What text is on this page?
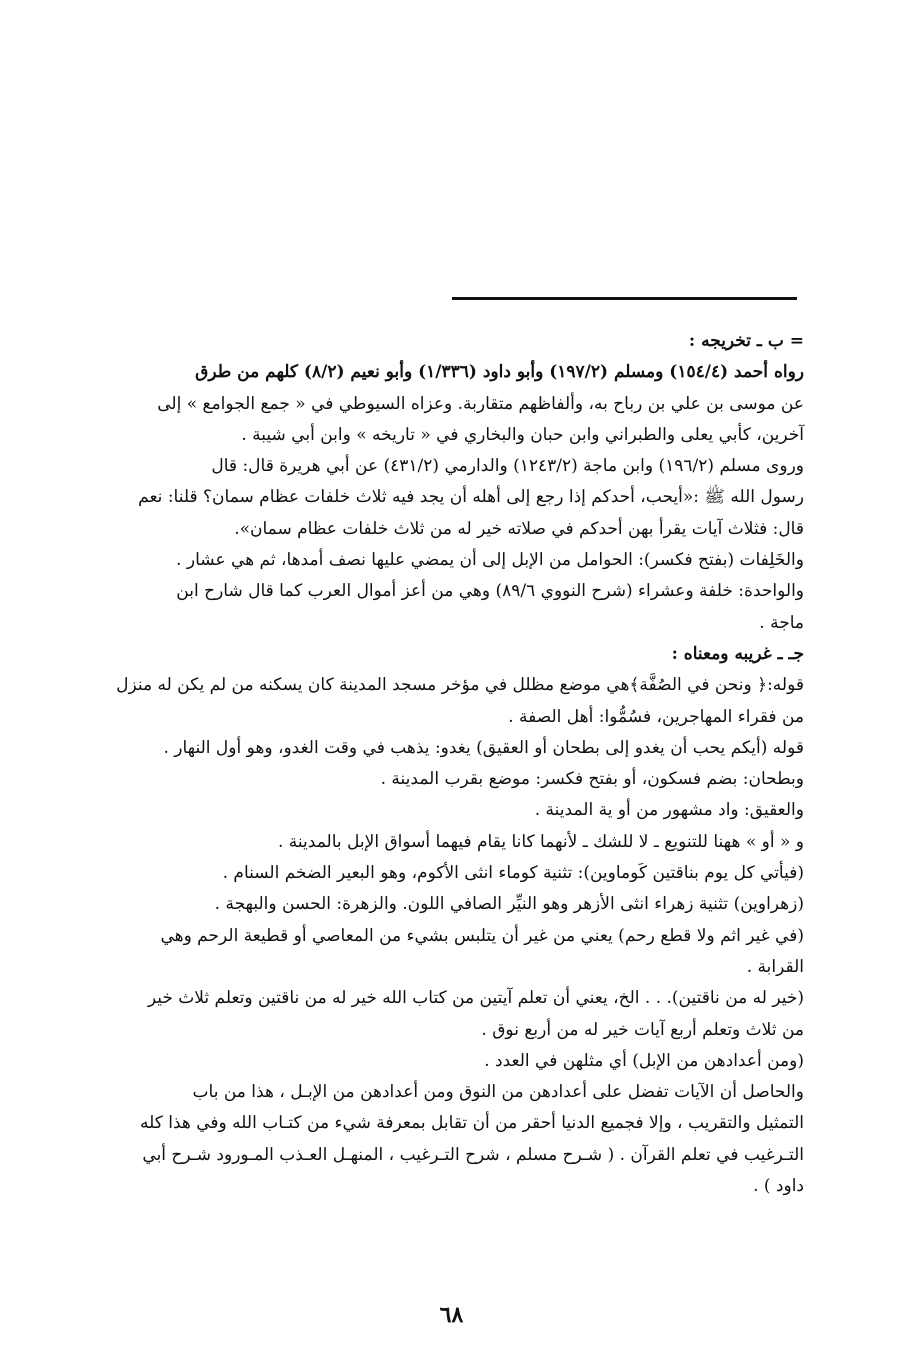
= ب ـ تخريجه :

رواه أحمد (١٥٤/٤) ومسلم (١٩٧/٢) وأبو داود (١/٣٣٦) وأبو نعيم (٨/٢) كلهم من طرق

عن موسى بن علي بن رباح به، وألفاظهم متقاربة. وعزاه السيوطي في « جمع الجوامع » إلى

آخرين، كأبي يعلى والطبراني وابن حبان والبخاري في « تاريخه » وابن أبي شيبة .

وروى مسلم (١٩٦/٢) وابن ماجة (١٢٤٣/٢) والدارمي (٤٣١/٢) عن أبي هريرة قال: قال

رسول الله ﷺ :«أيحب، أحدكم إذا رجع إلى أهله أن يجد فيه ثلاث خلفات عظام سمان؟ قلنا: نعم

قال: فثلاث آيات يقرأ بهن أحدكم في صلاته خير له من ثلاث خلفات عظام سمان».

والخَلِفات (بفتح فكسر): الحوامل من الإبل إلى أن يمضي عليها نصف أمدها، ثم هي عشار .

والواحدة: خلفة وعشراء (شرح النووي ٨٩/٦) وهي من أعز أموال العرب كما قال شارح ابن

ماجة .

جـ ـ غريبه ومعناه :

قوله:﴿ ونحن في الصُفَّة﴾هي موضع مظلل في مؤخر مسجد المدينة كان يسكنه من لم يكن له منزل

من فقراء المهاجرين، فسُمُّوا: أهل الصفة .

قوله (أيكم يحب أن يغدو إلى بطحان أو العقيق) يغدو: يذهب في وقت الغدو، وهو أول النهار .

وبطحان: بضم فسكون، أو بفتح فكسر: موضع بقرب المدينة .

والعقيق: واد مشهور من أو ية المدينة .

و « أو » ههنا للتنويع ـ لا للشك ـ لأنهما كانا يقام فيهما أسواق الإبل بالمدينة .

(فيأتي كل يوم بناقتين كَوماوين): تثنية كوماء انثى الأكوم، وهو البعير الضخم السنام .

(زهراوين) تثنية زهراء انثى الأزهر وهو النيِّر الصافي اللون. والزهرة: الحسن والبهجة .

(في غير اثم ولا قطع رحم) يعني من غير أن يتلبس بشيء من المعاصي أو قطيعة الرحم وهي

القرابة .

(خير له من ناقتين). . . الخ، يعني أن تعلم آيتين من كتاب الله خير له من ناقتين وتعلم ثلاث خير

من ثلاث وتعلم أربع آيات خير له من أربع نوق .

(ومن أعدادهن من الإبل) أي مثلهن في العدد .

والحاصل أن الآيات تفضل على أعدادهن من النوق ومن أعدادهن من الإبـل ، هذا من باب

التمثيل والتقريب ، وإلا فجميع الدنيا أحقر من أن تقابل بمعرفة شيء من كتـاب الله وفي هذا كله

التـرغيب في تعلم القرآن . ( شـرح مسلم ، شرح التـرغيب ، المنهـل العـذب المـورود شـرح أبي

داود ) .

٦٨
